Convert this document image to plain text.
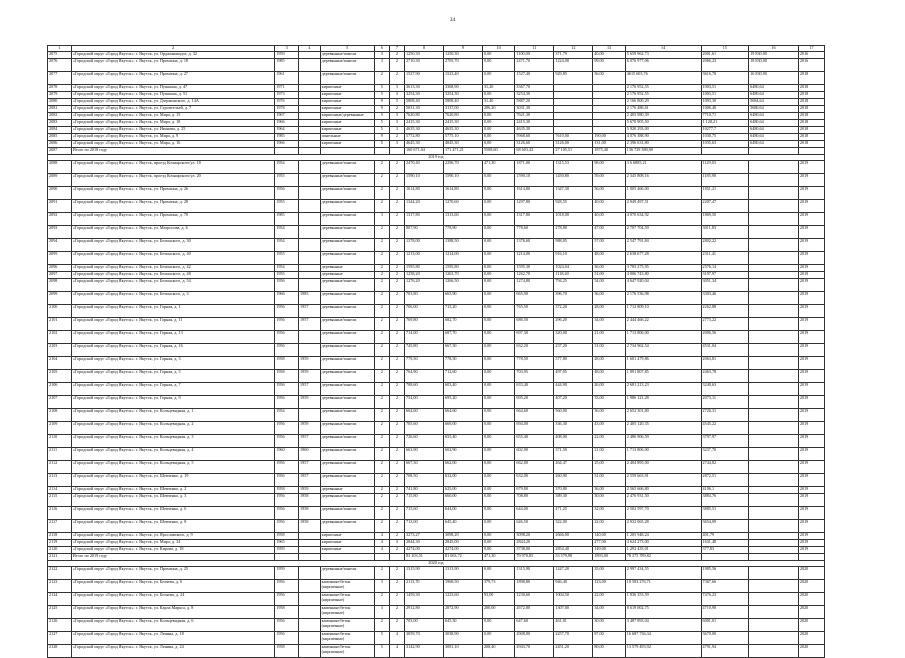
34
1	2	3	4	5	6	7	8	9	10	11	12	13	14	15	16	17
2075	«Городской округ «Город Якутск»: г. Якутск, ул. Орджоникидзе, д. 32	1959		деревянные/панели	3	2	1250,30	1250,30	0,00	1100,00	371,79	40,00	5 659 962,73	2001,61	19 830,00	2016
2076	«Городской округ «Город Якутск»: г. Якутск, ул. Промзона, д. 18	1985		деревянные/панели	3	2	2710,30	2705,70	0,00	2471,70	1224,00	99,00	6 076 977,06	2066,23	18 830,00	2016
2077	«Городской округ «Город Якутск»: г. Якутск, ул. Промзона, д. 27	1961		деревянные/панели	2	2	1527,90	1523,40	0,00	1527,40	929,85	56,00	4615 603,76	3616,78	16 830,00	2018
2078	«Городской округ «Город Якутск»: г. Якутск, ул. Пушкина, д. 47	1971		кирпичные	5	3	3613,30	3368,90	31,20	3367,70			2 176 952,55	1003,51	6480,64	2018
2079	«Городской округ «Город Якутск»: г. Якутск, ул. Пушкина, д. 51	1973		кирпичные	5	3	3254,30	3254,30	0,00	3254,30			2 176 952,55	1003,51	6480,64	2018
2080	«Городской округ «Город Якутск»: г. Якутск, ул. Дзержинского, д. 14А	1976		кирпичные	9	5	5808,40	5808,40	31,40	5887,20			2 166 800,29	1093,30	5684,64	2018
2081	«Городской округ «Город Якутск»: г. Якутск, ул. Строительей, д. 7	1978		кирпичные	9	2	5031,30	3137,00	206,20	3031,30			2 176 486,61	1006,40	5680,64	2018
2082	«Городской округ «Город Якутск»: г. Якутск, ул. Мира, д. 15	1967		кирпичные/деревянные	5	3	7620,80	7620,80	0,00	7621,30			2 405 980,39	7710,71	6480,64	2018
2083	«Городской округ «Город Якутск»: г. Якутск, ул. Мира, д. 18	1966		кирпичные	5	3	2415,30	2415,30	0,00	2415,30			5 670 905,50	1 128,21	6480,64	2018
2084	«Городской округ «Город Якутск»: г. Якутск, ул. Иванова, д. 25	1964		кирпичные	5	3	4635,30	4635,30	0,00	4635,30			5 920 293,00	10277,7	6480,64	2018
2085	«Городской округ «Город Якутск»: г. Якутск, ул. Мира, д. 9	1985		панельные	9	2	5772,80	5775,10	0,00	5968,60	7610,00	190,00	4 076 388,90	1030,75	6480,64	2018
2086	«Городской округ «Город Якутск»: г. Якутск, ул. Мира, д. 16	1966		кирпичные	5	3	4645,30	4845,30	0,00	3126,60	3126,00	131,00	2 396 631,80	1035,63	6480,64	2018
2087	Итого по 2018 году						160 671,04	171 471,21	5508,60	68 603,42	27 105,51	1875,40	136 729 380,90			
2019 год																
2088	«Городской округ «Город Якутск»: г. Якутск, проезд Кочнарского/ул. 18	1954		деревянные/панели	2	2	2470,40	2296,70	471,30	1871,00	1315,53	98,00	3 6 6885,21	1129,03		2019
2089	«Городской округ «Город Якутск»: г. Якутск, проезд Кочнарского/ул. 20	1955		деревянные/панели	2	2	1590,10	1590,10	0,00	1590,10	1450,80	59,00	2 345 808,16	1185,90		2019
2090	«Городской округ «Город Якутск»: г. Якутск, ул. Промзона, д. 26	1956		деревянные/панели	2	2	1614,80	1614,80	0,00	1614,80	1347,30	56,00	1 005 466,00	1851,21		2019
2091	«Городской округ «Город Якутск»: г. Якутск, ул. Промзона, д. 28	1955		деревянные/панели	2	2	1344,20	1270,60	0,00	1297,80	928,55	40,00	2 049 497,51	2207,47		2019
2092	«Городской округ «Город Якутск»: г. Якутск, ул. Промзона, д. 70	1985		деревянные/панели	3	2	1317,80	1313,60	0,00	1317,80	1018,00	40,00	4 070 634,92	1869,50		2019
2093	«Городской округ «Город Якутск»: г. Якутск, ул. Матросова, д. 6	1954		деревянные/панели	2	2	807,90	778,90	0,00	778,60	278,80	47,00	2 707 704,59	3011,83		2019
2094	«Городской округ «Город Якутск»: г. Якутск, ул. Белинского, д. 30	1954		деревянные/панели	2	2	1378,00	1388,50	0,00	1376,60	988,05	57,00	2 547 791,84	2802,22		2019
2095	«Городской округ «Город Якутск»: г. Якутск, ул. Белинского, д. 40	1955		деревянные/панели	2	2	1213,00	1214,00	0,00	1214,00	916,10	48,00	2 638 677,28	2311,41		2019
2096	«Городской округ «Город Якутск»: г. Якутск, ул. Белинского, д. 42	1954		деревянные	2	2	1595,80	1595,80	0,00	1595,30	1024,04	36,00	3 783 275,95	2576,14		2019
2097	«Городской округ «Город Якутск»: г. Якутск, ул. Белинского, д. 48	1955		деревянные	2	2	1258,20	1263,70	0,00	1262,70	1118,40	51,00	4 006 743,80	3197,97		2019
2098	«Городской округ «Город Якутск»: г. Якутск, ул. Белинского, д. 54	1956		деревянные/панели	2	2	1276,20	1266,50	0,00	1274,80	794,25	54,00	4 647 920,04	3051,34		2019
2099	«Городской округ «Город Якутск»: г. Якутск, ул. Белинского, д. 3	1966	1985	деревянные/панели	2	2	703,80	665,90	0,00	665,90	396,70	36,00	2 176 536,98	3303,46		2019
2100	«Городской округ «Город Якутск»: г. Якутск, ул. Горная, д. 1	1956	1957	деревянные/панели	2	2	706,00	715,20	0,00	765,50	372,20	28,00	1 712 809,10	2262,88		2019
2101	«Городской округ «Город Якутск»: г. Якутск, ул. Горная, д. 11	1956	1957	деревянные/панели	2	2	769,80	682,70	0,00	686,50	296,20	34,00	2 444 466,22	2773,22		2019
2102	«Городской округ «Город Якутск»: г. Якутск, ул. Горная, д. 13	1956		деревянные/панели	2	2	714,00	687,70	0,00	697,30	320,00	21,00	1 713 806,00	2006,56		2019
2103	«Городской округ «Город Якутск»: г. Якутск, ул. Горная, д. 16	1956		деревянные/панели	2	2	745,80	667,30	0,00	632,20	237,20	31,00	2 734 962,54	4531,04		2019
2104	«Городской округ «Город Якутск»: г. Якутск, ул. Горная, д. 3	1958	1959	деревянные/панели	2	2	779,50	778,50	0,00	778,50	577,80	28,00	1 601 479,86	2063,81		2019
2105	«Городской округ «Город Якутск»: г. Якутск, ул. Горная, д. 5	1958	1959	деревянные/панели	2	2	764,90	712,60	0,00	703,95	497,05	48,00	1 891 807,85	2463,78		2019
2106	«Городской округ «Город Якутск»: г. Якутск, ул. Горная, д. 7	1956	1957	деревянные/панели	2	2	708,60	603,40	0,00	633,40	444,90	26,00	2 681 213,23	3240,63		2019
2107	«Городской округ «Город Якутск»: г. Якутск, ул. Горная, д. 9	1956	1959	деревянные/панели	2	2	754,00	695,20	0,00	695,20	407,20	33,00	1 986 121,28	2073,11		2019
2108	«Городской округ «Город Якутск»: г. Якутск, ул. Кольцевидная, д. 1	1954		деревянные/панели	2	2	664,60	664,60	0,00	664,60	560,00	36,00	2 652 301,80	2726,31		2019
2109	«Городской округ «Город Якутск»: г. Якутск, ул. Кольцевидная, д. 2	1956	1959	деревянные/панели	2	2	705,60	669,00	0,00	694,00	336,30	43,00	2 405 120,35	4545,22		2019
2110	«Городской округ «Город Якутск»: г. Якутск, ул. Кольцевидная, д. 3	1956	1957	деревянные/панели	2	2	726,60	655,40	0,00	655,40	408,00	22,00	2 486 906,59	3797,97		2019
2111	«Городской округ «Город Якутск»: г. Якутск, ул. Кольцевидная, д. 4	1960	1960	деревянные/панели	2	2	663,90	602,90	0,00	602,90	371,50	21,00	1 713 806,00	3237,70		2019
2112	«Городской округ «Город Якутск»: г. Якутск, ул. Кольцевидная, д. 5	1956	1957	деревянные/панели	2	2	667,30	662,00	0,00	662,00	264,47	25,00	2 404 895,00	2744,82		2019
2113	«Городской округ «Город Якутск»: г. Якутск, ул. Шевченко, д. 19	1956	1957	деревянные/панели	2	2	708,50	632,00	0,00	632,00	260,90	31,00	2 559 663,91	2872,51		2019
2114	«Городской округ «Город Якутск»: г. Якутск, ул. Шевченко, д. 2	1958	1959	деревянные	2	2	741,80	625,00	0,00	679,80	370,80	36,00	2 565 666,80	4106,1		2019
2115	«Городской округ «Город Якутск»: г. Якутск, ул. Шевченко, д. 3	1956	1958	деревянные/панели	2	2	715,80	660,00	0,00	708,80	389,30	30,00	2 476 931,50	3884,76		2019
2116	«Городской округ «Город Якутск»: г. Якутск, ул. Шевченко, д. 6	1956	1958	деревянные/панели	2	2	715,60	644,00	0,00	644,00	471,25	32,00	2 502 597,70	3885,51		2019
2117	«Городской округ «Город Якутск»: г. Якутск, ул. Шевченко, д. 8	1956	1958	деревянные/панели	2	2	713,00	645,40	0,00	646,50	322,00	22,00	2 032 065,28	3654,09		2019
2118	«Городской округ «Город Якутск»: г. Якутск, ул. Ярославского, д. 9	1958		кирпичные	4	2	3273,27	3098,20	0,00	3098,20	2666,00	140,00	1 205 948,24	401,79		2019
2119	«Городской округ «Город Якутск»: г. Якутск, ул. Мира, д. 34	1965		кирпичные	4	3	2844,30	2845,00	0,00	2844,20		277,00	4 624 273,00	1631,48		2019
2120	«Городской округ «Город Якутск»: г. Якутск, ул. Кирова, д. 18	1959		кирпичные	4	2	4274,00	4274,00	0,00	3738,00	2854,40	149,00	1 292 435,01	377,83		2019
2121	Итого по 2019 году						83 103,51	81 063,72	471,30	79 970,85	53 579,98	1893,00	78 375 789,82			
2020 год																
2122	«Городской округ «Город Якутск»: г. Якутск, ул. Промзона, д. 25	1959		деревянные/панели	2	2	1315,90	1313,90	0,00	1315,90	1247,20	35,00	2 997 434,55	1985,56		2020
2123	«Городской округ «Город Якутск»: г. Якутск, ул. Беляева, д. 6	1956		каменные/бетон (кирпичные)	3	2	2113,70	1968,50	379,73	1898,80	946,40	123,00	10 583 276,71	7367,66		2020
2124	«Городской округ «Город Якутск»: г. Якутск, ул. Беляева, д. 24	1956		каменные/бетон (кирпичные)	2	2	1459,30	1223,60	93,00	1230,60	1004,50	22,00	1 836 353,59	7476,23		2020
2125	«Городской округ «Город Якутск»: г. Якутск, ул. Карла Маркса, д. 8	1958		каменные/бетон (кирпичные)	3	2	2912,80	2872,90	200,00	2672,80	1307,00	34,00	8 619 002,75	4710,90		2020
2126	«Городской округ «Город Якутск»: г. Якутск, ул. Кольцевидная, д. 6	1956		каменные/бетон (кирпичные)	2	2	703,00	645,30	0,00	647,60	461,01	30,00	3 487 893,04	6001,01		2020
2127	«Городской округ «Город Якутск»: г. Якутск, ул. Ленина, д. 18	1956		каменные/бетон (кирпичные)	5	4	3059,70	3038,90	0,00	2908,80	2257,70	87,00	16 687 736,34	3670,00		2020
2128	«Городской округ «Город Якутск»: г. Якутск, ул. Ленина, д. 24	1958		каменные/бетон (кирпичные)	5	4	3142,90	3081,10	208,40	2943,70	2451,20	80,00	13 579 493,92	4791,94		2020
